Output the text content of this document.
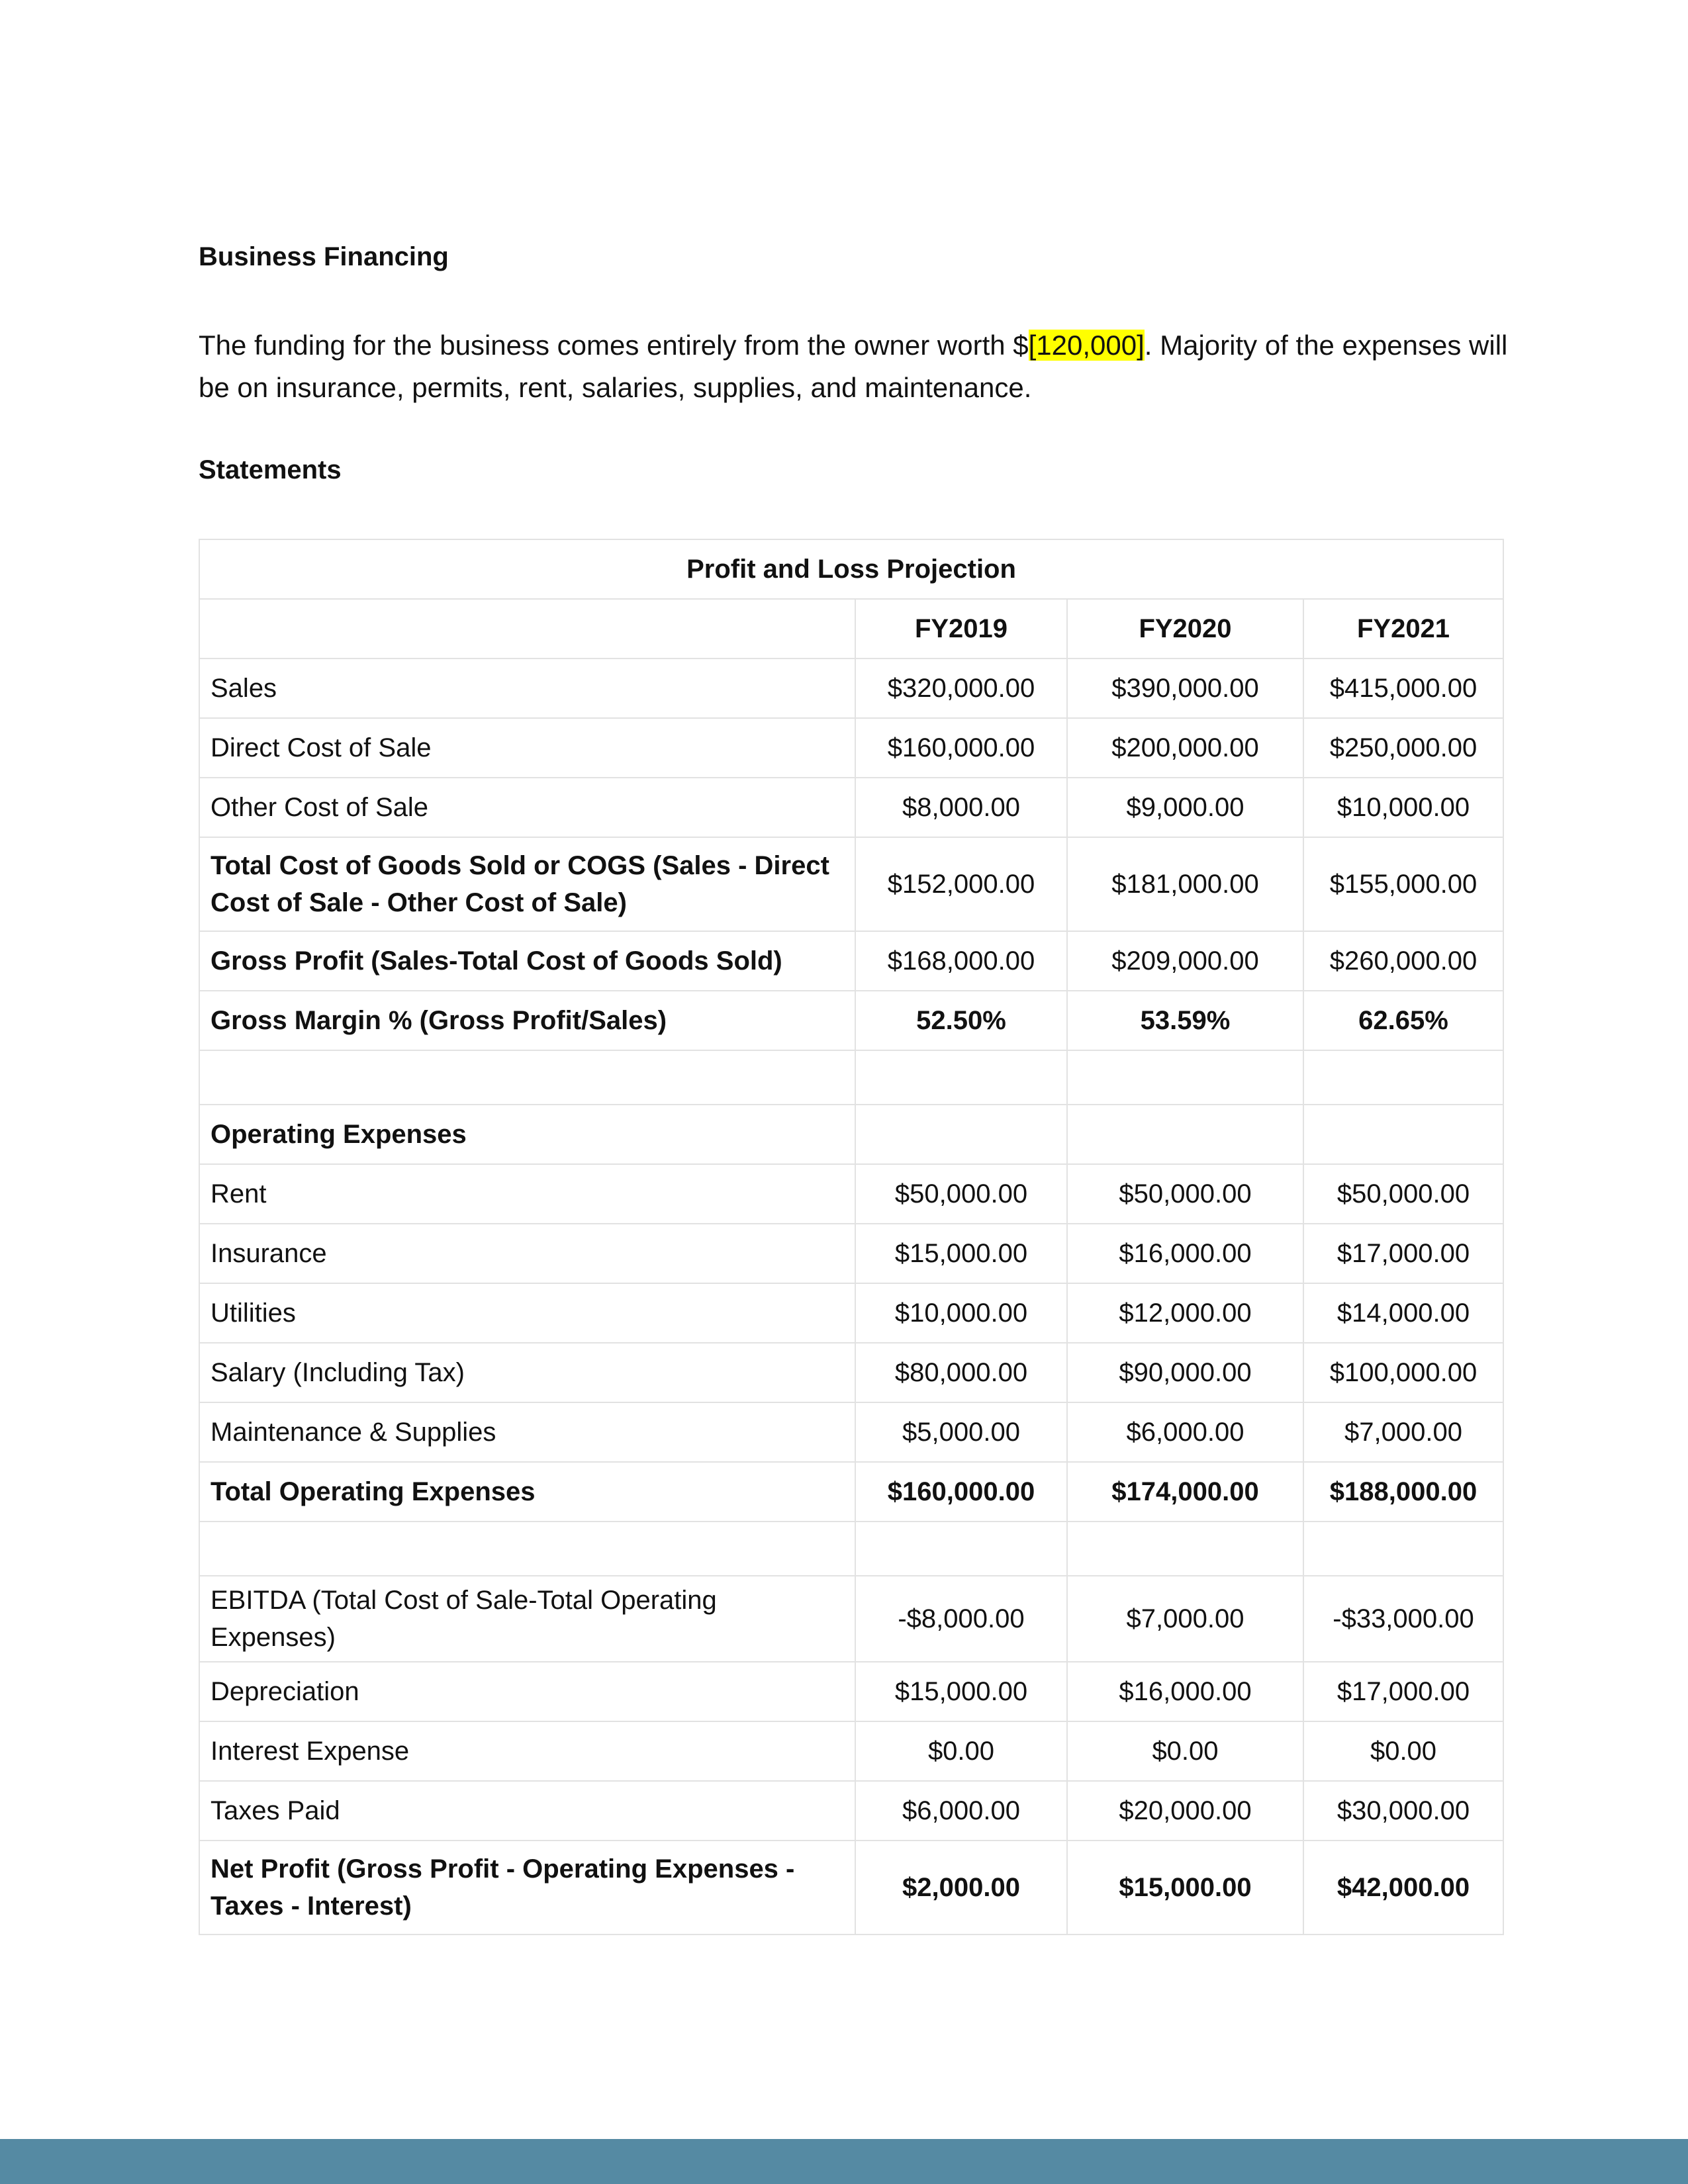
Business Financing

The funding for the business comes entirely from the owner worth $[120,000]. Majority of the expenses will be on insurance, permits, rent, salaries, supplies, and maintenance.

Statements
Profit and Loss Projection			
	FY2019	FY2020	FY2021
Sales	$320,000.00	$390,000.00	$415,000.00
Direct Cost of Sale	$160,000.00	$200,000.00	$250,000.00
Other Cost of Sale	$8,000.00	$9,000.00	$10,000.00
Total Cost of Goods Sold or COGS (Sales - Direct Cost of Sale - Other Cost of Sale)	$152,000.00	$181,000.00	$155,000.00
Gross Profit (Sales-Total Cost of Goods Sold)	$168,000.00	$209,000.00	$260,000.00
Gross Margin % (Gross Profit/Sales)	52.50%	53.59%	62.65%

Operating Expenses			
Rent	$50,000.00	$50,000.00	$50,000.00
Insurance	$15,000.00	$16,000.00	$17,000.00
Utilities	$10,000.00	$12,000.00	$14,000.00
Salary (Including Tax)	$80,000.00	$90,000.00	$100,000.00
Maintenance & Supplies	$5,000.00	$6,000.00	$7,000.00
Total Operating Expenses	$160,000.00	$174,000.00	$188,000.00

EBITDA (Total Cost of Sale-Total Operating Expenses)	-$8,000.00	$7,000.00	-$33,000.00
Depreciation	$15,000.00	$16,000.00	$17,000.00
Interest Expense	$0.00	$0.00	$0.00
Taxes Paid	$6,000.00	$20,000.00	$30,000.00
Net Profit (Gross Profit - Operating Expenses - Taxes - Interest)	$2,000.00	$15,000.00	$42,000.00
